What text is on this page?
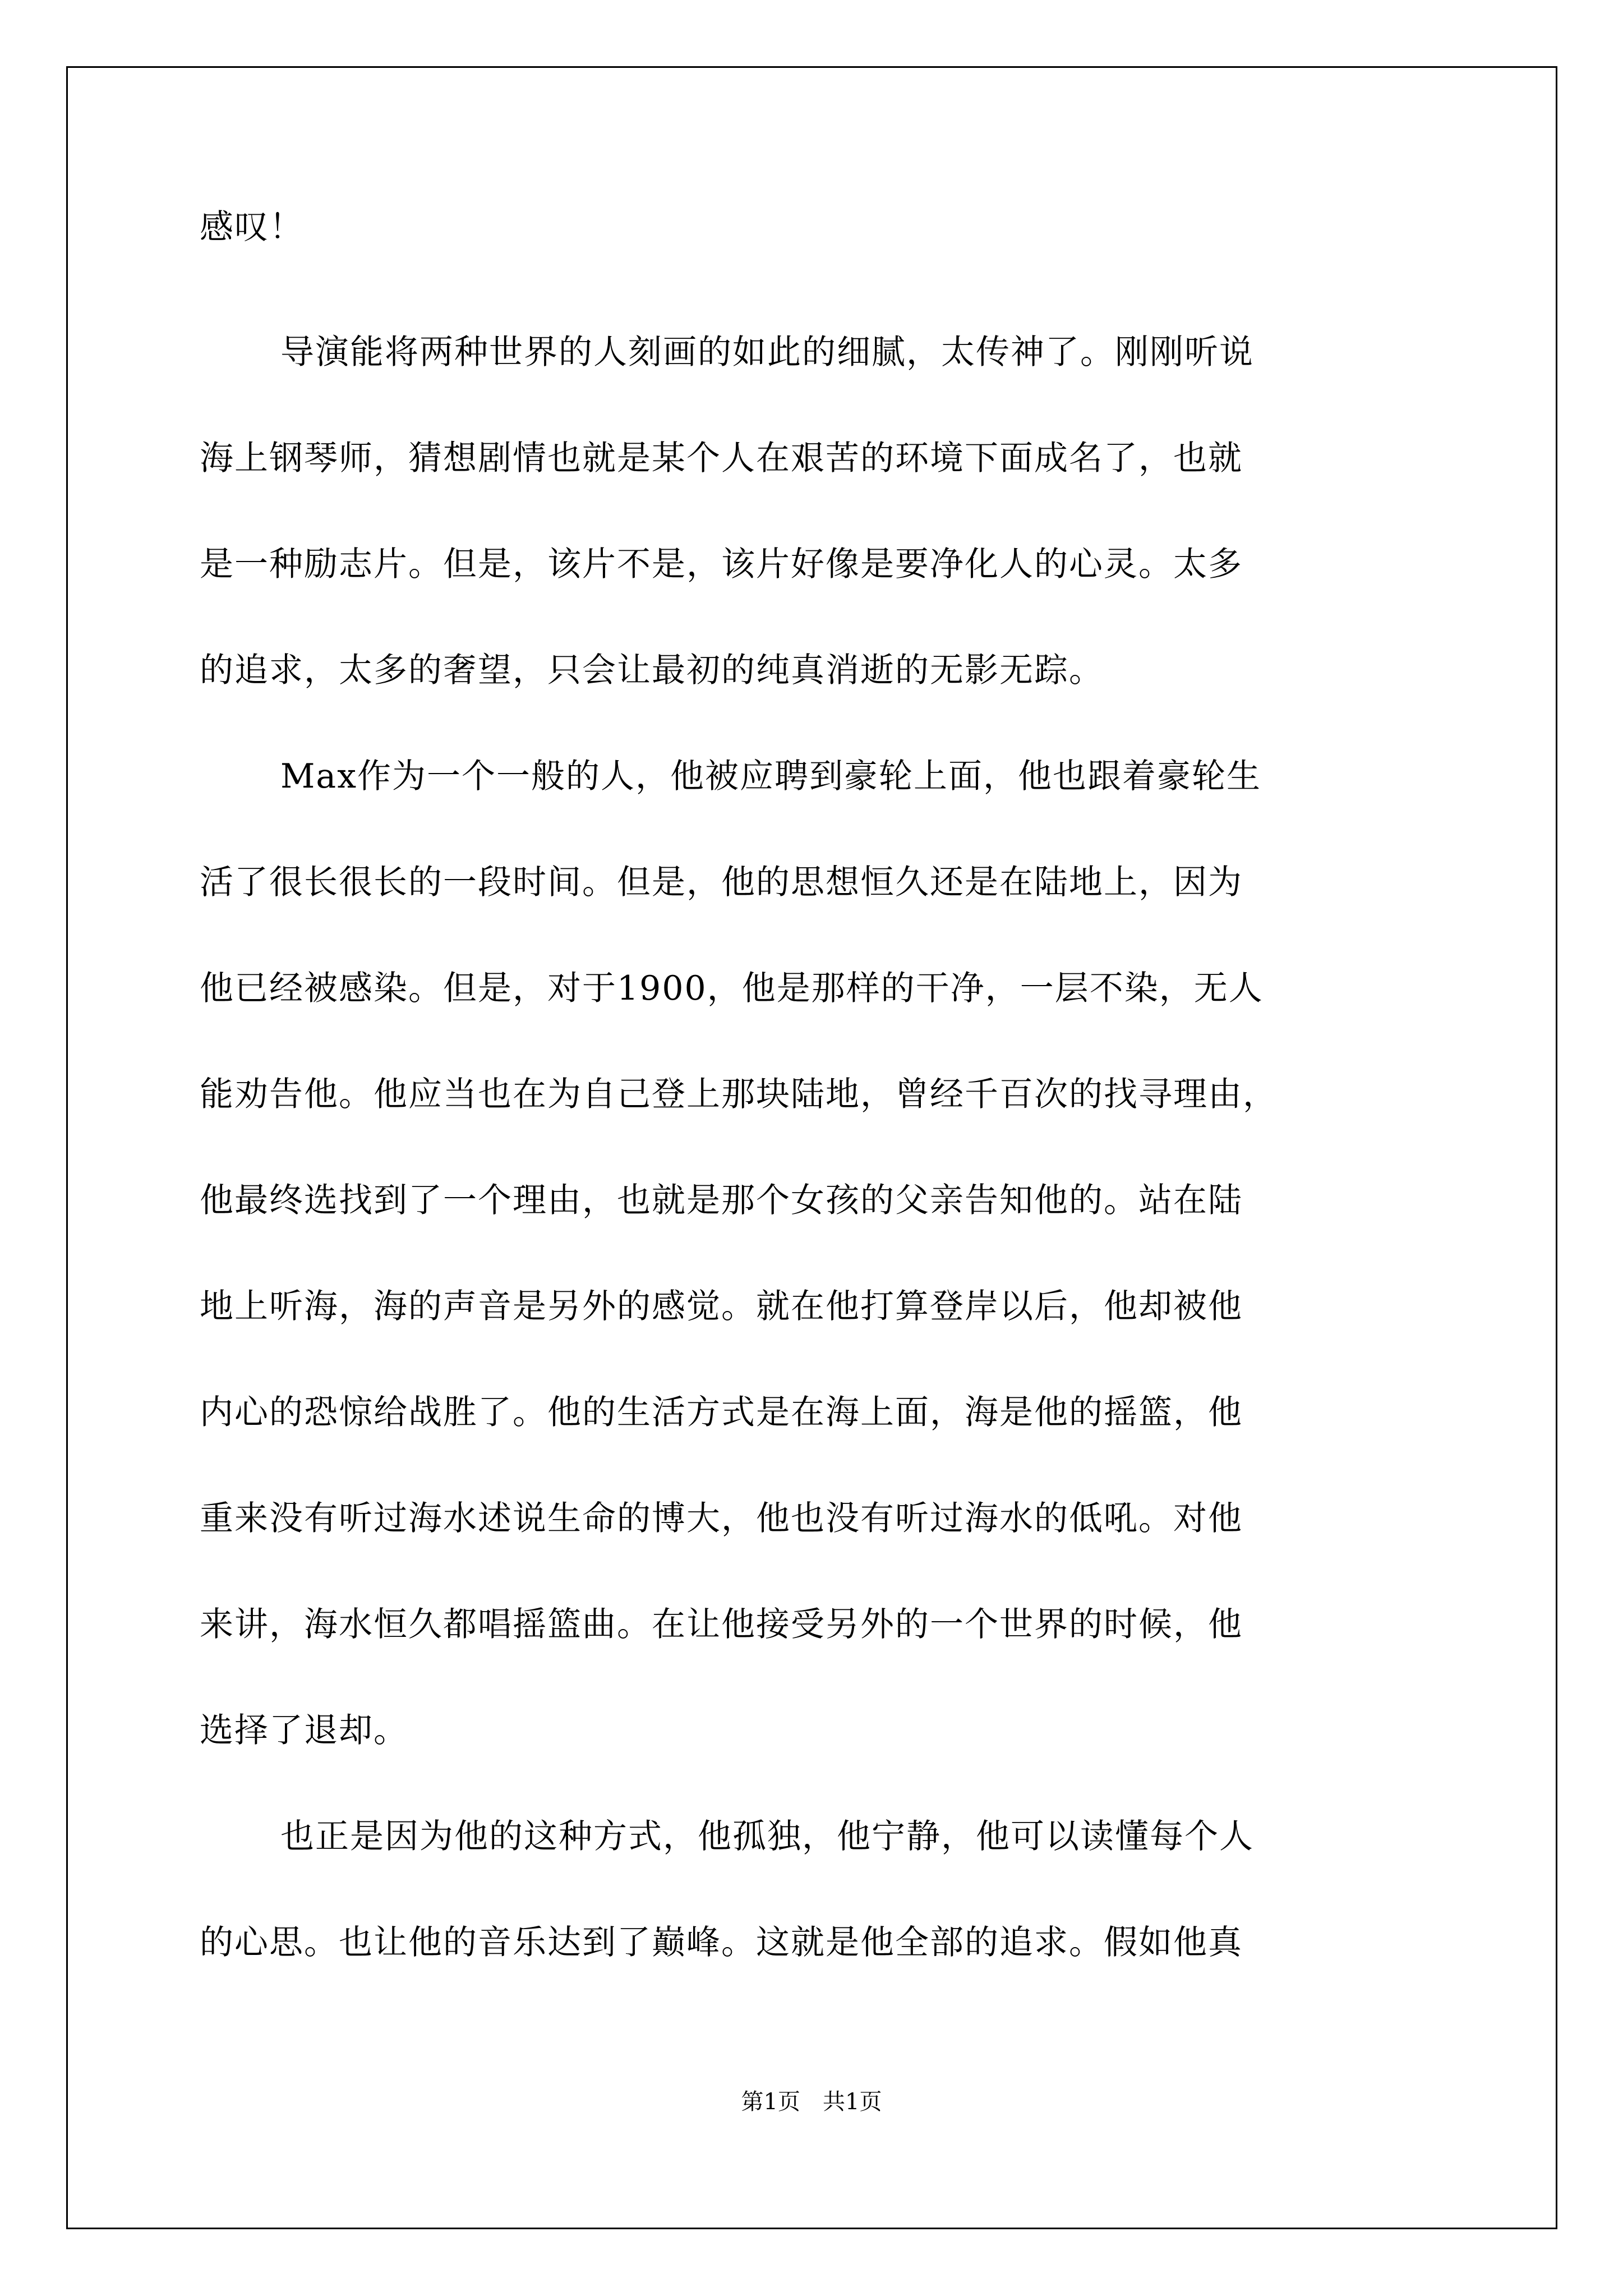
感叹！
导演能将两种世界的人刻画的如此的细腻，太传神了。刚刚听说
海上钢琴师，猜想剧情也就是某个人在艰苦的环境下面成名了，也就
是一种励志片。但是，该片不是，该片好像是要净化人的心灵。太多
的追求，太多的奢望，只会让最初的纯真消逝的无影无踪。
Max作为一个一般的人，他被应聘到豪轮上面，他也跟着豪轮生
活了很长很长的一段时间。但是，他的思想恒久还是在陆地上，因为
他已经被感染。但是，对于1900，他是那样的干净，一层不染，无人
能劝告他。他应当也在为自己登上那块陆地，曾经千百次的找寻理由，
他最终选找到了一个理由，也就是那个女孩的父亲告知他的。站在陆
地上听海，海的声音是另外的感觉。就在他打算登岸以后，他却被他
内心的恐惊给战胜了。他的生活方式是在海上面，海是他的摇篮，他
重来没有听过海水述说生命的博大，他也没有听过海水的低吼。对他
来讲，海水恒久都唱摇篮曲。在让他接受另外的一个世界的时候，他
选择了退却。
也正是因为他的这种方式，他孤独，他宁静，他可以读懂每个人
的心思。也让他的音乐达到了巅峰。这就是他全部的追求。假如他真
第1页　共1页
